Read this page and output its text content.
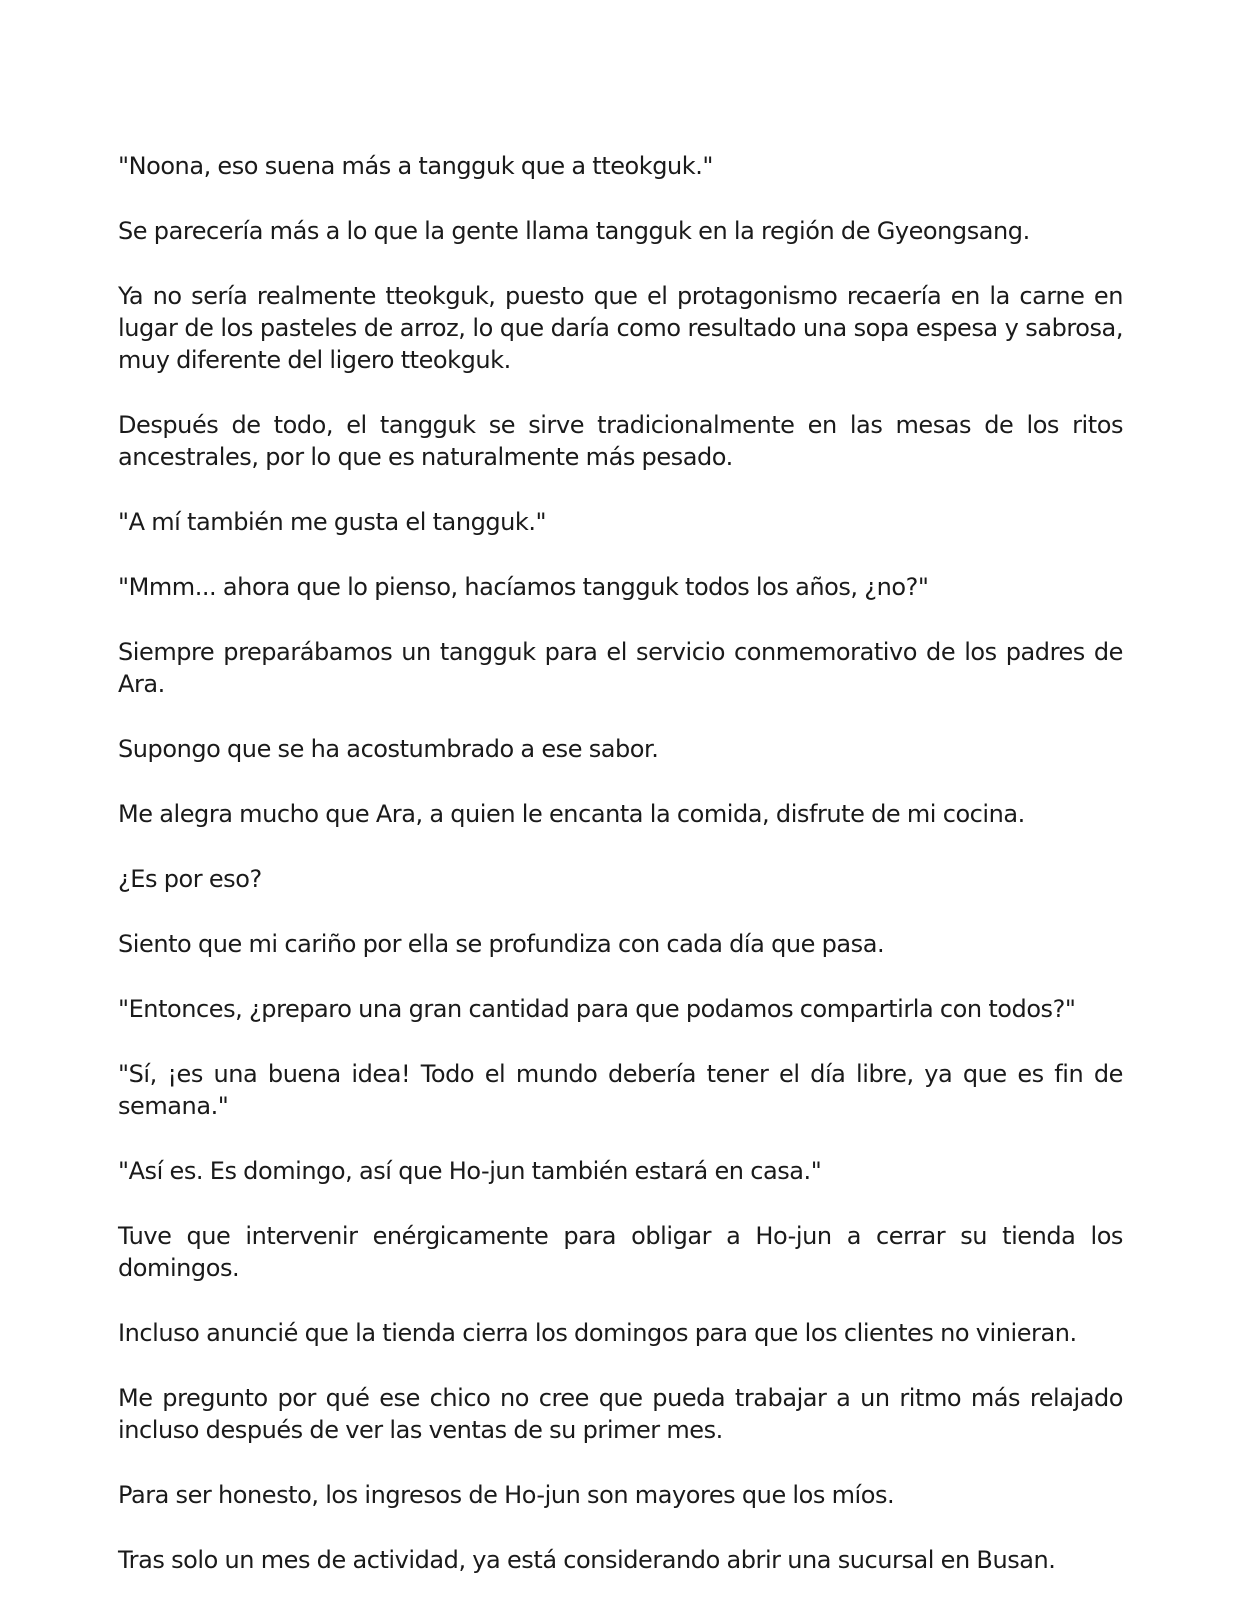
"Noona, eso suena más a tangguk que a tteokguk."

Se parecería más a lo que la gente llama tangguk en la región de Gyeongsang.

Ya no sería realmente tteokguk, puesto que el protagonismo recaería en la carne en lugar de los pasteles de arroz, lo que daría como resultado una sopa espesa y sabrosa, muy diferente del ligero tteokguk.

Después de todo, el tangguk se sirve tradicionalmente en las mesas de los ritos ancestrales, por lo que es naturalmente más pesado.

"A mí también me gusta el tangguk."

"Mmm... ahora que lo pienso, hacíamos tangguk todos los años, ¿no?"

Siempre preparábamos un tangguk para el servicio conmemorativo de los padres de Ara.

Supongo que se ha acostumbrado a ese sabor.

Me alegra mucho que Ara, a quien le encanta la comida, disfrute de mi cocina.

¿Es por eso?

Siento que mi cariño por ella se profundiza con cada día que pasa.

"Entonces, ¿preparo una gran cantidad para que podamos compartirla con todos?"

"Sí, ¡es una buena idea! Todo el mundo debería tener el día libre, ya que es fin de semana."

"Así es. Es domingo, así que Ho-jun también estará en casa."

Tuve que intervenir enérgicamente para obligar a Ho-jun a cerrar su tienda los domingos.

Incluso anuncié que la tienda cierra los domingos para que los clientes no vinieran.

Me pregunto por qué ese chico no cree que pueda trabajar a un ritmo más relajado incluso después de ver las ventas de su primer mes.

Para ser honesto, los ingresos de Ho-jun son mayores que los míos.

Tras solo un mes de actividad, ya está considerando abrir una sucursal en Busan.
